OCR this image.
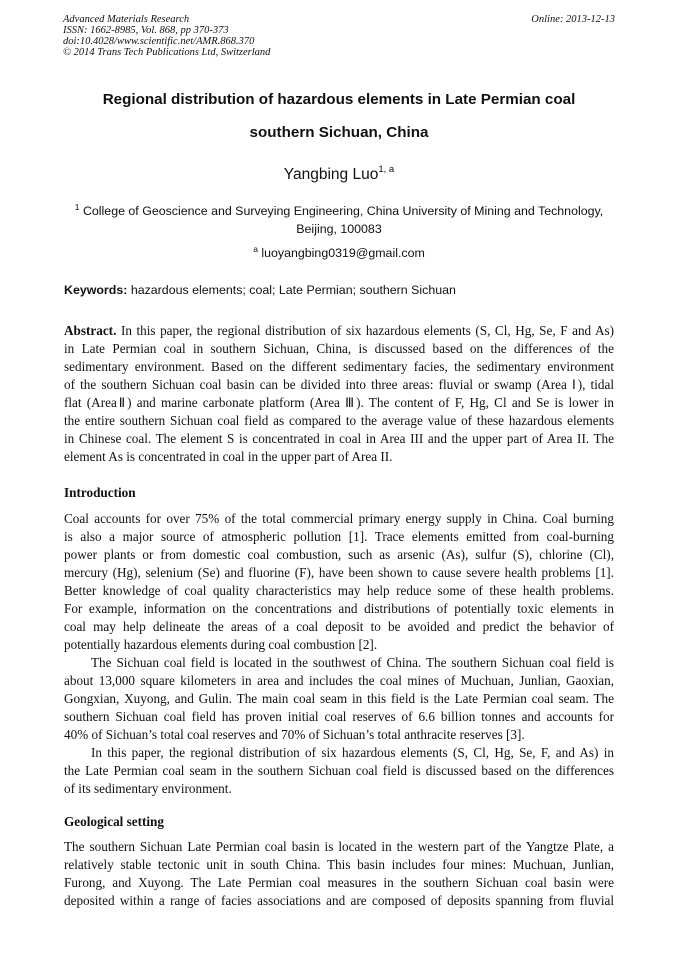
Advanced Materials Research
ISSN: 1662-8985, Vol. 868, pp 370-373
doi:10.4028/www.scientific.net/AMR.868.370
© 2014 Trans Tech Publications Ltd, Switzerland
Online: 2013-12-13
Regional distribution of hazardous elements in Late Permian coal
southern Sichuan, China
Yangbing Luo$^{1, a}$
$^1$ College of Geoscience and Surveying Engineering, China University of Mining and Technology,
Beijing, 100083
$^a$ luoyangbing0319@gmail.com
Keywords: hazardous elements; coal; Late Permian; southern Sichuan
Abstract. In this paper, the regional distribution of six hazardous elements (S, Cl, Hg, Se, F and As)
in Late Permian coal in southern Sichuan, China, is discussed based on the differences of the
sedimentary environment. Based on the different sedimentary facies, the sedimentary environment
of the southern Sichuan coal basin can be divided into three areas: fluvial or swamp (Area Ⅰ), tidal
flat (AreaⅡ) and marine carbonate platform (Area Ⅲ). The content of F, Hg, Cl and Se is lower in
the entire southern Sichuan coal field as compared to the average value of these hazardous elements
in Chinese coal. The element S is concentrated in coal in Area III and the upper part of Area II. The
element As is concentrated in coal in the upper part of Area II.
Introduction
Coal accounts for over 75% of the total commercial primary energy supply in China. Coal burning
is also a major source of atmospheric pollution [1]. Trace elements emitted from coal-burning
power plants or from domestic coal combustion, such as arsenic (As), sulfur (S), chlorine (Cl),
mercury (Hg), selenium (Se) and fluorine (F), have been shown to cause severe health problems [1].
Better knowledge of coal quality characteristics may help reduce some of these health problems.
For example, information on the concentrations and distributions of potentially toxic elements in
coal may help delineate the areas of a coal deposit to be avoided and predict the behavior of
potentially hazardous elements during coal combustion [2].
The Sichuan coal field is located in the southwest of China. The southern Sichuan coal field is
about 13,000 square kilometers in area and includes the coal mines of Muchuan, Junlian, Gaoxian,
Gongxian, Xuyong, and Gulin. The main coal seam in this field is the Late Permian coal seam. The
southern Sichuan coal field has proven initial coal reserves of 6.6 billion tonnes and accounts for
40% of Sichuan’s total coal reserves and 70% of Sichuan’s total anthracite reserves [3].
In this paper, the regional distribution of six hazardous elements (S, Cl, Hg, Se, F, and As) in
the Late Permian coal seam in the southern Sichuan coal field is discussed based on the differences
of its sedimentary environment.
Geological setting
The southern Sichuan Late Permian coal basin is located in the western part of the Yangtze Plate, a
relatively stable tectonic unit in south China. This basin includes four mines: Muchuan, Junlian,
Furong, and Xuyong. The Late Permian coal measures in the southern Sichuan coal basin were
deposited within a range of facies associations and are composed of deposits spanning from fluvial
